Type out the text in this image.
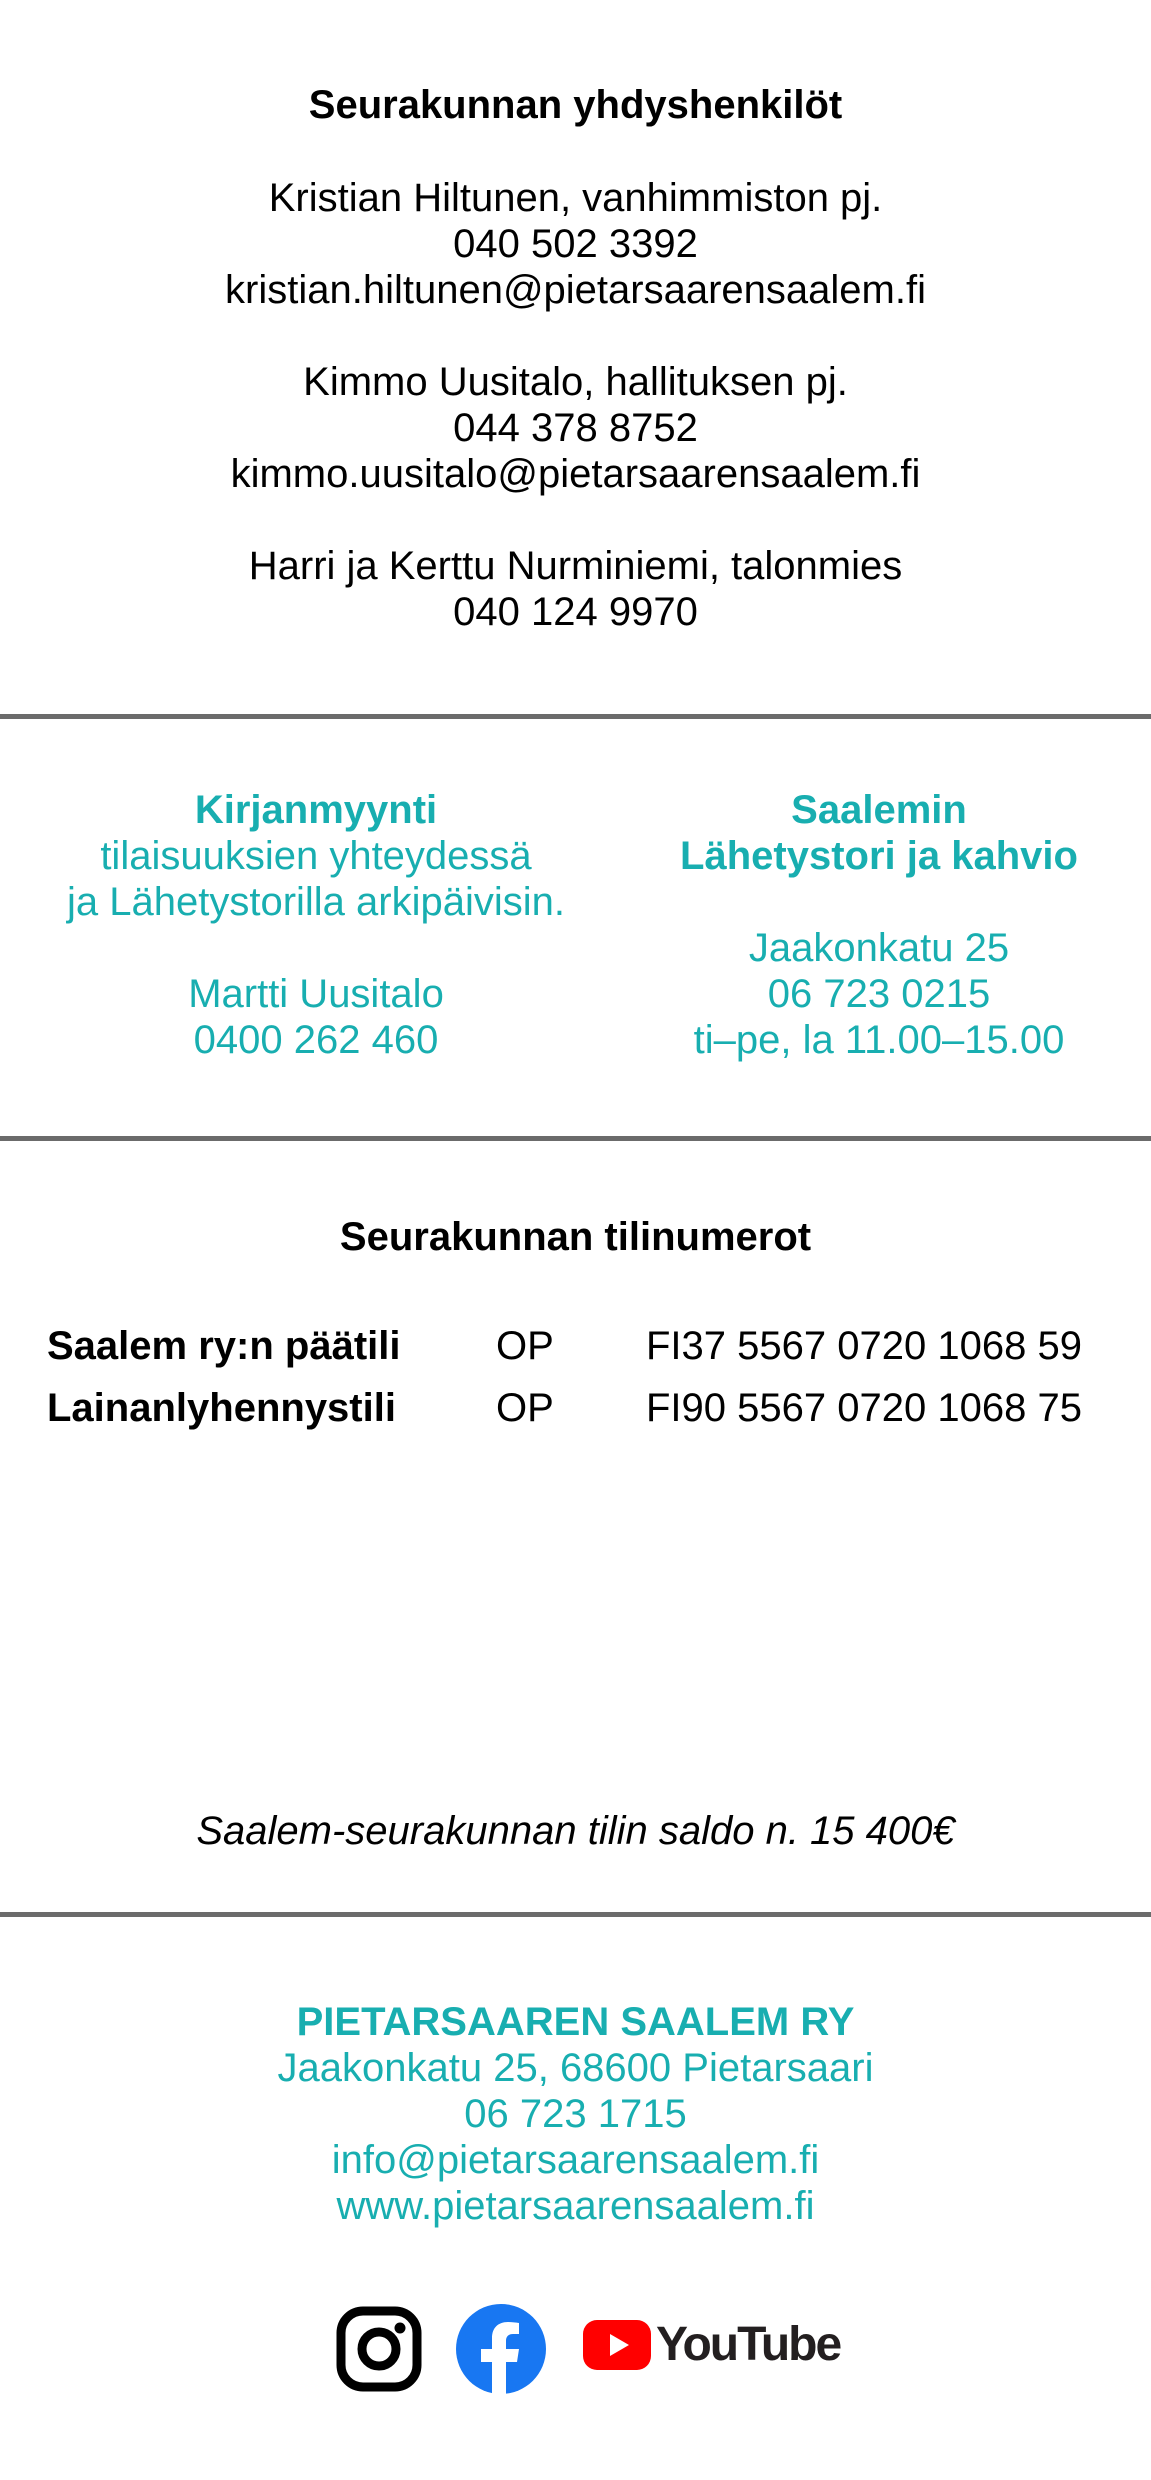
Seurakunnan yhdyshenkilöt
Kristian Hiltunen, vanhimmiston pj.
040 502 3392
kristian.hiltunen@pietarsaarensaalem.fi
Kimmo Uusitalo, hallituksen pj.
044 378 8752
kimmo.uusitalo@pietarsaarensaalem.fi
Harri ja Kerttu Nurminiemi, talonmies
040 124 9970
Kirjanmyynti
tilaisuuksien yhteydessä
ja Lähetystorilla arkipäivisin.
Martti Uusitalo
0400 262 460
Saalemin
Lähetystori ja kahvio
Jaakonkatu 25
06 723 0215
ti–pe, la 11.00–15.00
Seurakunnan tilinumerot
Saalem ry:n päätili OP FI37 5567 0720 1068 59
Lainanlyhennystili	OP FI90 5567 0720 1068 75
Saalem-seurakunnan tilin saldo n. 15 400€
PIETARSAAREN SAALEM RY
Jaakonkatu 25, 68600 Pietarsaari
06 723 1715
info@pietarsaarensaalem.fi
www.pietarsaarensaalem.fi
YouTube
